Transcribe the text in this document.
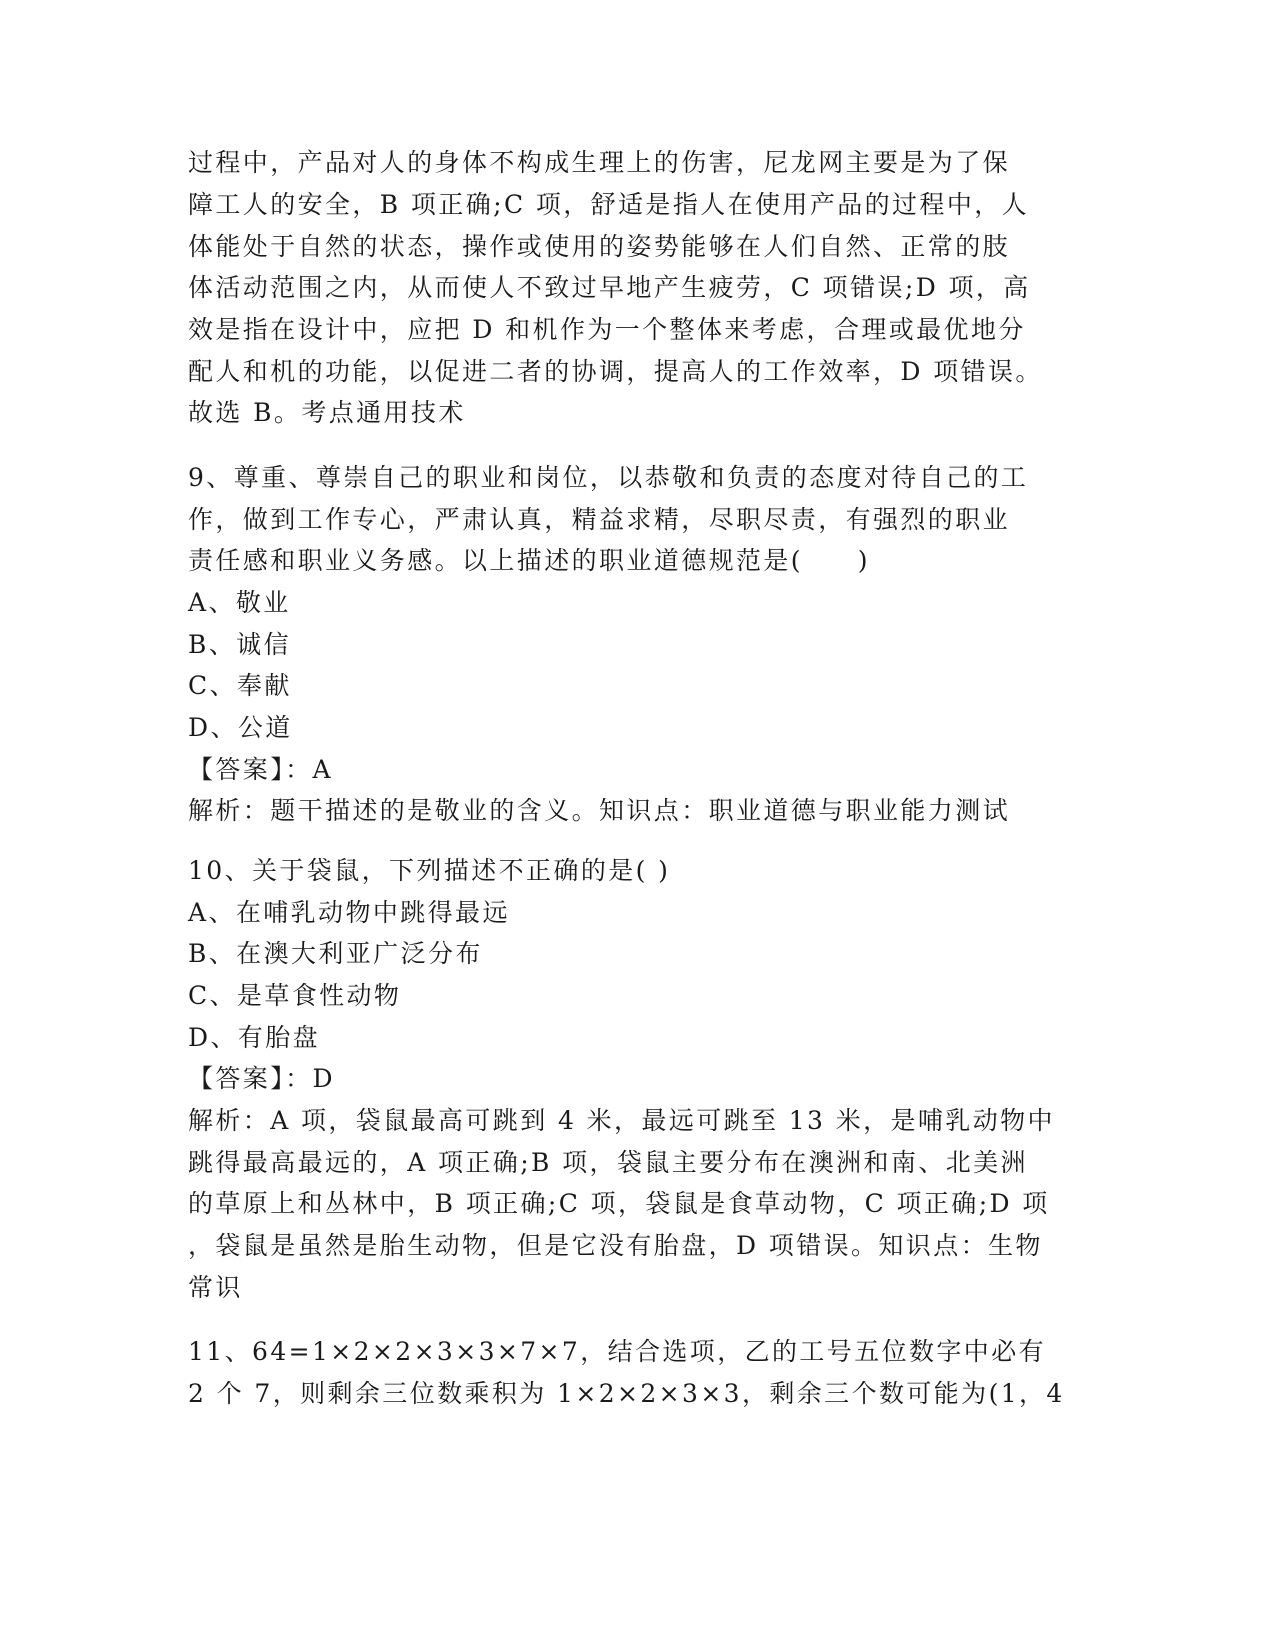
过程中，产品对人的身体不构成生理上的伤害，尼龙网主要是为了保
障工人的安全，B 项正确;C 项，舒适是指人在使用产品的过程中，人
体能处于自然的状态，操作或使用的姿势能够在人们自然、正常的肢
体活动范围之内，从而使人不致过早地产生疲劳，C 项错误;D 项，高
效是指在设计中，应把 D 和机作为一个整体来考虑，合理或最优地分
配人和机的功能，以促进二者的协调，提高人的工作效率，D 项错误。
故选 B。考点通用技术
9、尊重、尊崇自己的职业和岗位，以恭敬和负责的态度对待自己的工
作，做到工作专心，严肃认真，精益求精，尽职尽责，有强烈的职业
责任感和职业义务感。以上描述的职业道德规范是(　　)
A、敬业
B、诚信
C、奉献
D、公道
【答案】：A
解析：题干描述的是敬业的含义。知识点：职业道德与职业能力测试
10、关于袋鼠，下列描述不正确的是( )
A、在哺乳动物中跳得最远
B、在澳大利亚广泛分布
C、是草食性动物
D、有胎盘
【答案】：D
解析：A 项，袋鼠最高可跳到 4 米，最远可跳至 13 米，是哺乳动物中
跳得最高最远的，A 项正确;B 项，袋鼠主要分布在澳洲和南、北美洲
的草原上和丛林中，B 项正确;C 项，袋鼠是食草动物，C 项正确;D 项
，袋鼠是虽然是胎生动物，但是它没有胎盘，D 项错误。知识点：生物
常识
11、64=1×2×2×3×3×7×7，结合选项，乙的工号五位数字中必有
2 个 7，则剩余三位数乘积为 1×2×2×3×3，剩余三个数可能为(1，4
